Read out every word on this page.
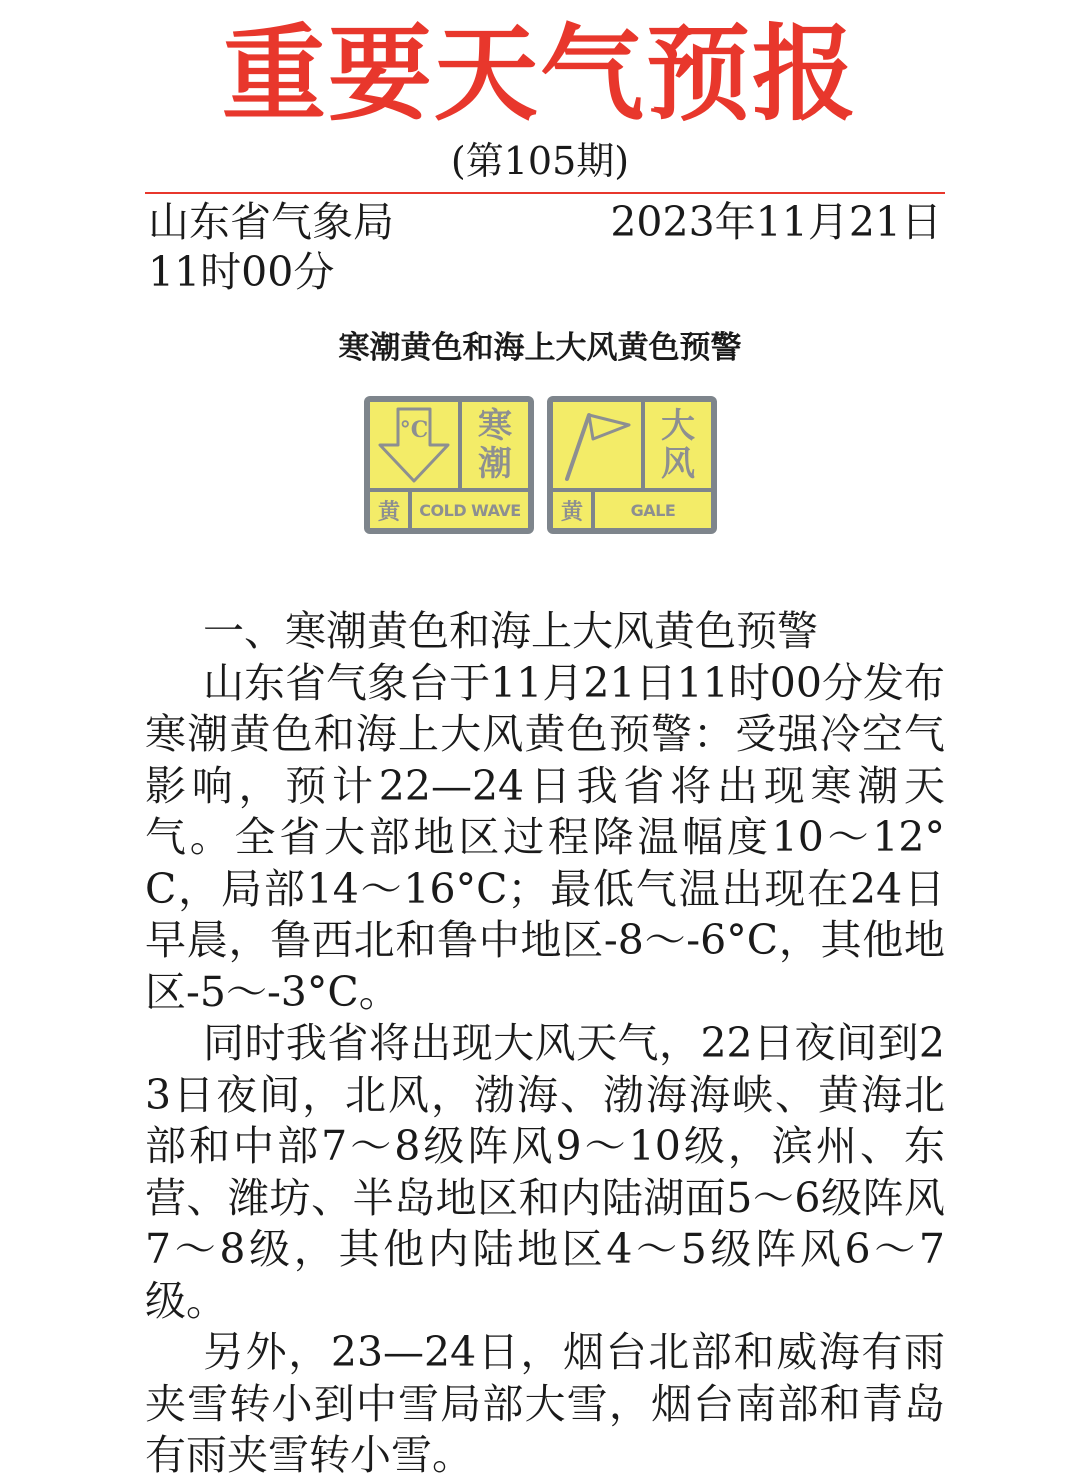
重要天气预报
(第105期)
山东省气象局	2023年11月21日
11时00分
寒潮黄色和海上大风黄色预警
°C 寒
潮
黄	COLD WAVE
大
风
黄	GALE

一、寒潮黄色和海上大风黄色预警

山东省气象台于11月21日11时00分发布寒潮黄色和海上大风黄色预警：受强冷空气影响，预计22—24日我省将出现寒潮天气。全省大部地区过程降温幅度10～12°C，局部14～16°C；最低气温出现在24日早晨，鲁西北和鲁中地区-8～-6°C，其他地区-5～-3°C。

同时我省将出现大风天气，22日夜间到23日夜间，北风，渤海、渤海海峡、黄海北部和中部7～8级阵风9～10级，滨州、东营、潍坊、半岛地区和内陆湖面5～6级阵风7～8级，其他内陆地区4～5级阵风6～7级。

另外，23—24日，烟台北部和威海有雨夹雪转小到中雪局部大雪，烟台南部和青岛有雨夹雪转小雪。
